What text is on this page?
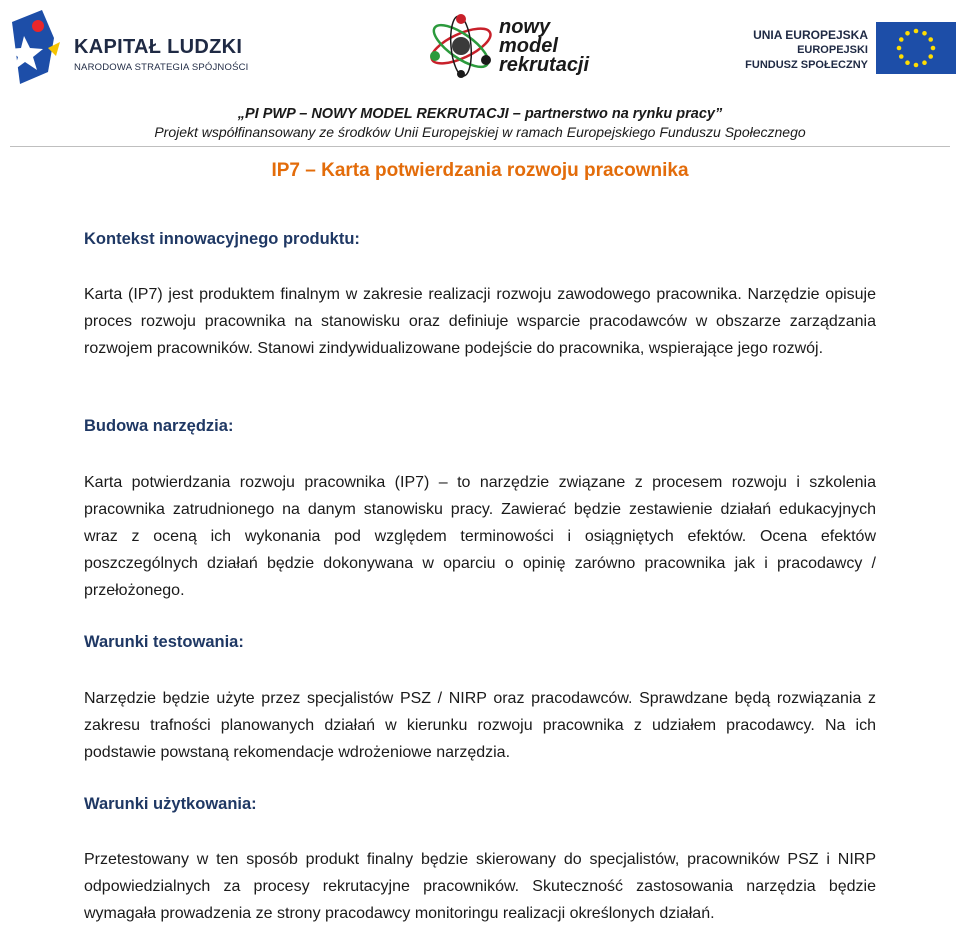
KAPITAŁ LUDZKI
NARODOWA STRATEGIA SPÓJNOŚCI
nowy
model
rekrutacji
UNIA EUROPEJSKA
EUROPEJSKI
FUNDUSZ SPOŁECZNY
„PI PWP – NOWY MODEL REKRUTACJI – partnerstwo na rynku pracy”
Projekt współfinansowany ze środków Unii Europejskiej w ramach Europejskiego Funduszu Społecznego
IP7 – Karta potwierdzania rozwoju pracownika
Kontekst innowacyjnego produktu:
Karta (IP7) jest produktem finalnym w zakresie realizacji rozwoju zawodowego pracownika. Narzędzie opisuje proces rozwoju pracownika na stanowisku oraz definiuje wsparcie pracodawców w obszarze zarządzania rozwojem pracowników. Stanowi zindywidualizowane podejście do pracownika, wspierające jego rozwój.
Budowa narzędzia:
Karta potwierdzania rozwoju pracownika (IP7) – to narzędzie związane z procesem rozwoju i szkolenia pracownika zatrudnionego na danym stanowisku pracy. Zawierać będzie zestawienie działań edukacyjnych wraz z oceną ich wykonania pod względem terminowości i osiągniętych efektów. Ocena efektów poszczególnych działań będzie dokonywana w oparciu o opinię zarówno pracownika jak i pracodawcy / przełożonego.
Warunki testowania:
Narzędzie będzie użyte przez specjalistów PSZ / NIRP oraz pracodawców. Sprawdzane będą rozwiązania z zakresu trafności planowanych działań w kierunku rozwoju pracownika z udziałem pracodawcy. Na ich podstawie powstaną rekomendacje wdrożeniowe narzędzia.
Warunki użytkowania:
Przetestowany w ten sposób produkt finalny będzie skierowany do specjalistów, pracowników PSZ i NIRP odpowiedzialnych za procesy rekrutacyjne pracowników. Skuteczność zastosowania narzędzia będzie wymagała prowadzenia ze strony pracodawcy monitoringu realizacji określonych działań.
